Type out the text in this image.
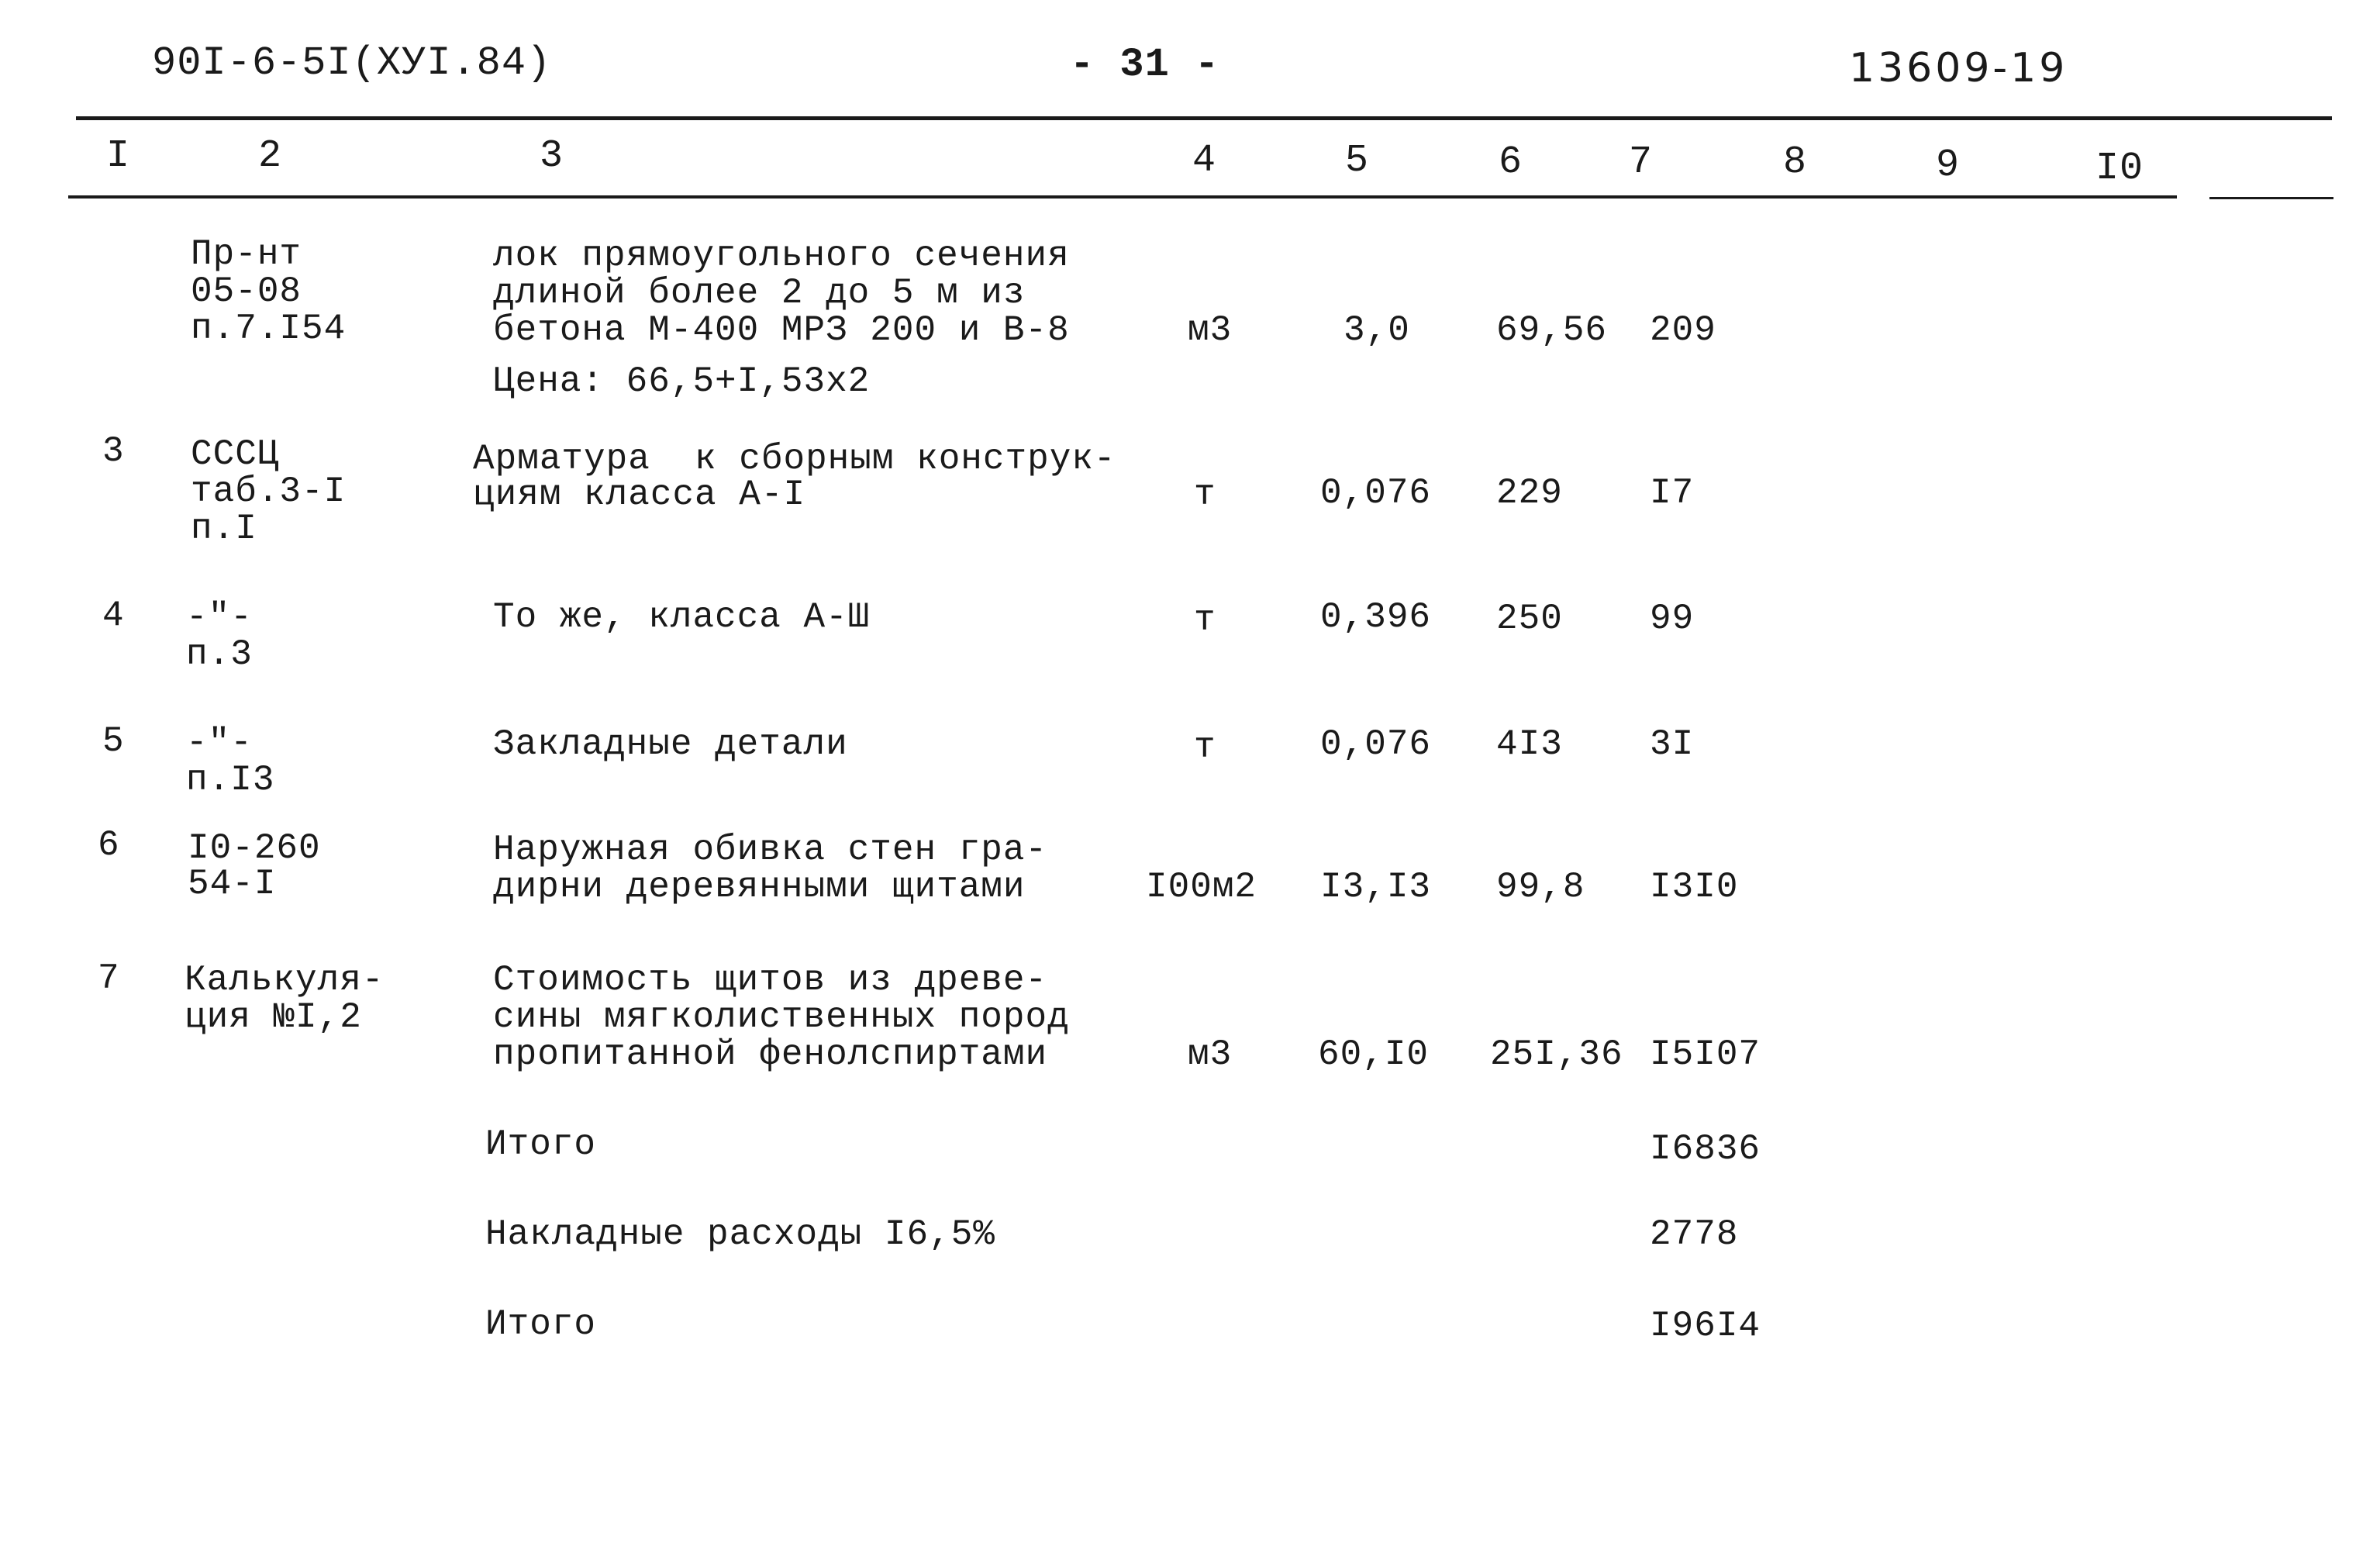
90I-6-5I(XУI.84)	- 31 -	13609-19
I	2	3	4	5	6	7	8	9	I0
Пр-нт
05-08
п.7.I54
лок прямоугольного сечения
длиной более 2 до 5 м из
бетона М-400 МРЗ 200 и В-8
Цена: 66,5+I,53x2
м3	3,0 69,56 209
3 СССЦ
таб.3-I
п.I
Арматура  к сборным конструк-
циям класса А-I	т	0,076 229 I7
4 -"-
п.3
То же, класса А-Ш	т	0,396 250 99
5 -"-
п.I3
Закладные детали	т	0,076 4I3 3I
6 I0-260
54-I
Наружная обивка стен гра-
дирни деревянными щитами	I00м2 I3,I3 99,8 I3I0
7 Калькуля-
ция №I,2
Стоимость щитов из древе-
сины мягколиственных пород
пропитанной фенолспиртами	м3 60,I0 25I,36 I5I07
Итого	I6836
Накладные расходы I6,5%	2778
Итого	I96I4
